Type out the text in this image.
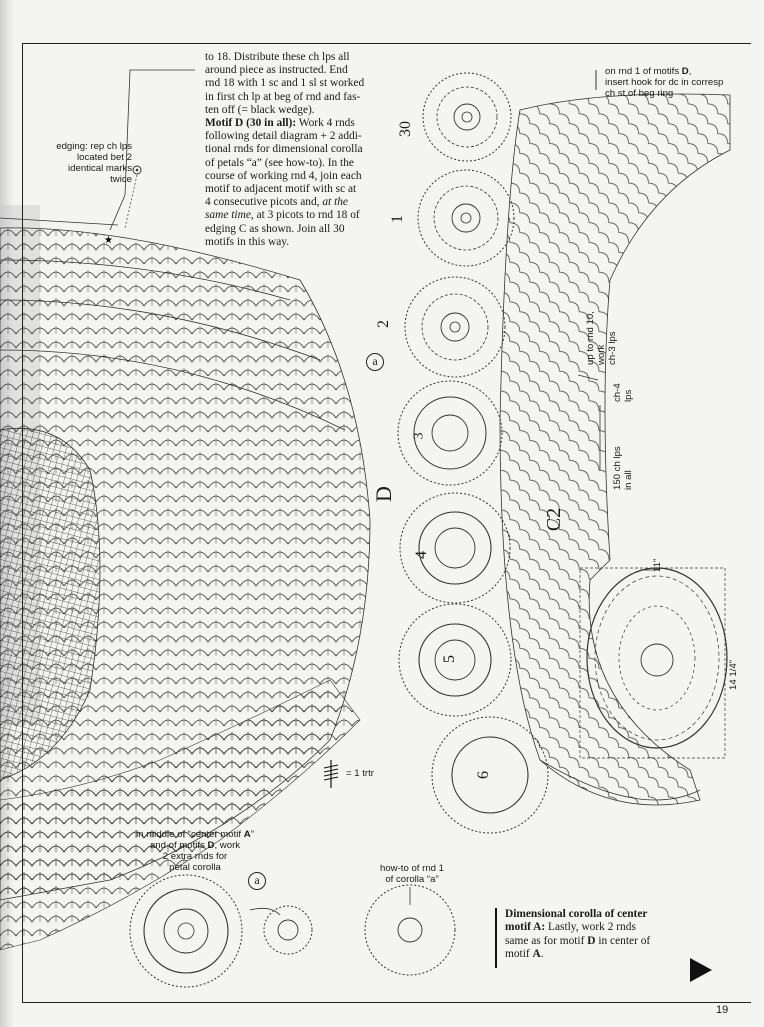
★

to 18. Distribute these ch lps all

around piece as instructed. End

rnd 18 with 1 sc and 1 sl st worked

in first ch lp at beg of rnd and fas-

ten off (= black wedge).

Motif D (30 in all): Work 4 rnds

following detail diagram + 2 addi-

tional rnds for dimensional corolla

of petals “a” (see how-to). In the

course of working rnd 4, join each

motif to adjacent motif with sc at

4 consecutive picots and, at the

same time, at 3 picots to rnd 18 of

edging C as shown. Join all 30

motifs in this way.

edging: rep ch lps
located bet 2
identical marks
twice
on rnd 1 of motifs D,
insert hook for dc in corresp
ch st of beg ring
= 1 trtr
in middle of “center motif A”
and of motifs D, work
2 extra rnds for
petal corolla	how-to of rnd 1
of corolla “a”
up to rnd 10, work ch-3 lps
ch-4 lps
150 ch lps in all
11"
14 1/4"
30
1
2
3
4
5
6
D
C2
a
a
Dimensional corolla of center
motif A: Lastly, work 2 rnds
same as for motif D in center of
motif A.
19
